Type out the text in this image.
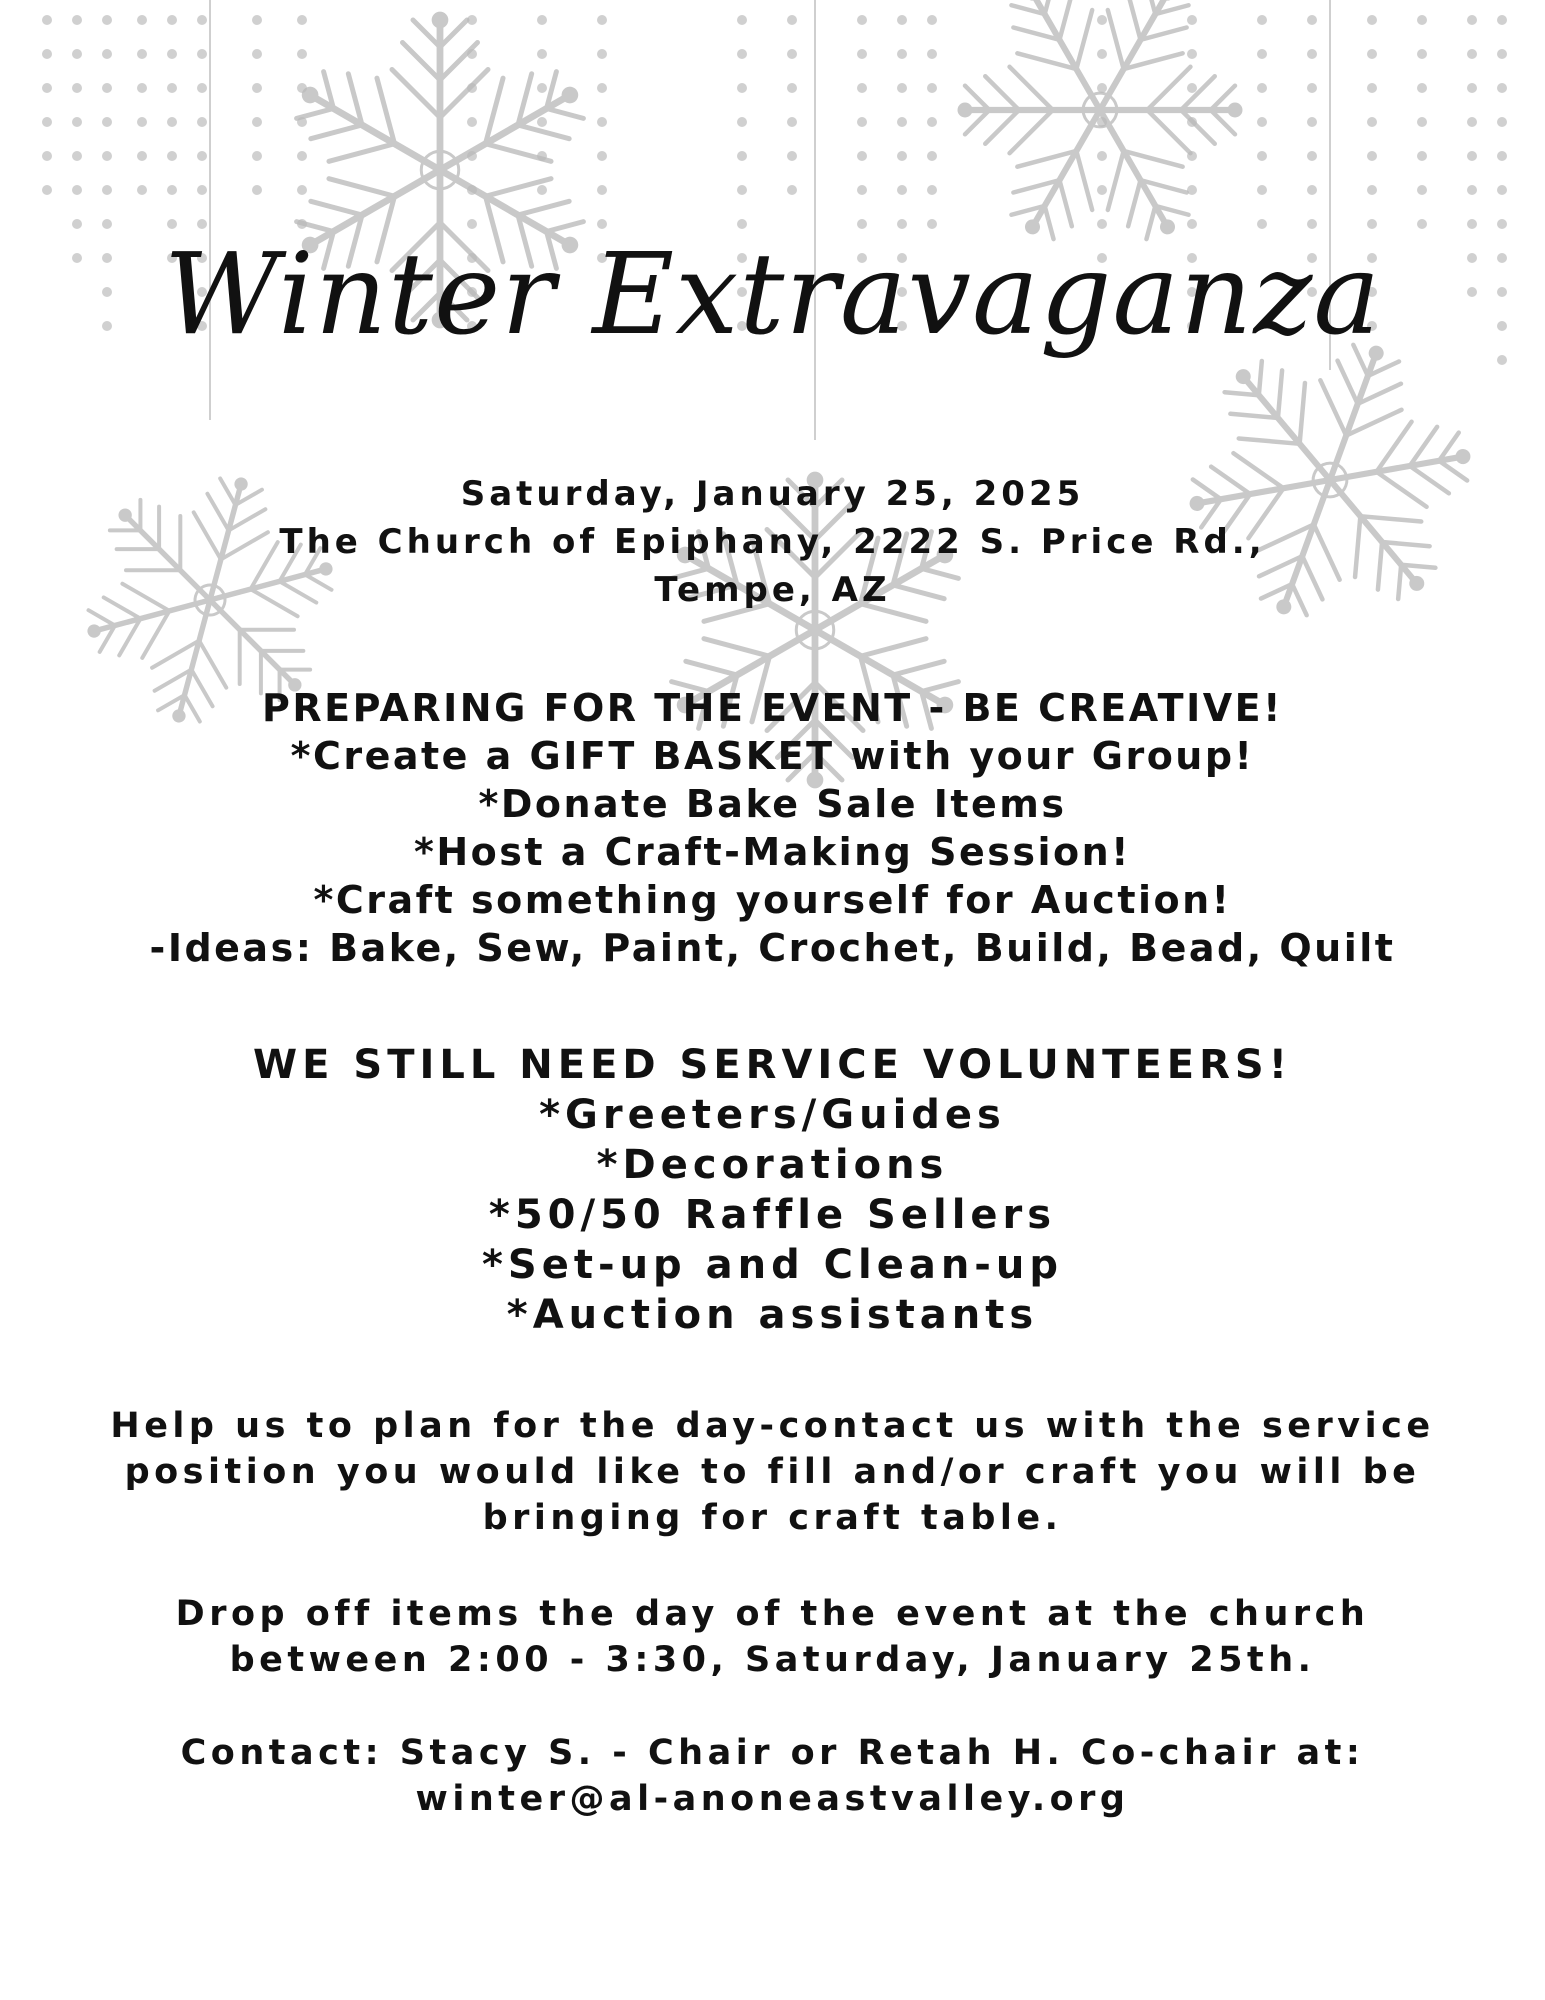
Winter Extravaganza
Saturday, January 25, 2025
The Church of Epiphany, 2222 S. Price Rd.,
Tempe, AZ
PREPARING FOR THE EVENT - BE CREATIVE!
*Create a GIFT BASKET with your Group!
*Donate Bake Sale Items
*Host a Craft-Making Session!
*Craft something yourself for Auction!
-Ideas: Bake, Sew, Paint, Crochet, Build, Bead, Quilt
WE STILL NEED SERVICE VOLUNTEERS!
*Greeters/Guides
*Decorations
*50/50 Raffle Sellers
*Set-up and Clean-up
*Auction assistants
Help us to plan for the day-contact us with the service
position you would like to fill and/or craft you will be
bringing for craft table.
Drop off items the day of the event at the church
between 2:00 - 3:30, Saturday, January 25th.
Contact: Stacy S. - Chair or Retah H. Co-chair at:
winter@al-anoneastvalley.org
